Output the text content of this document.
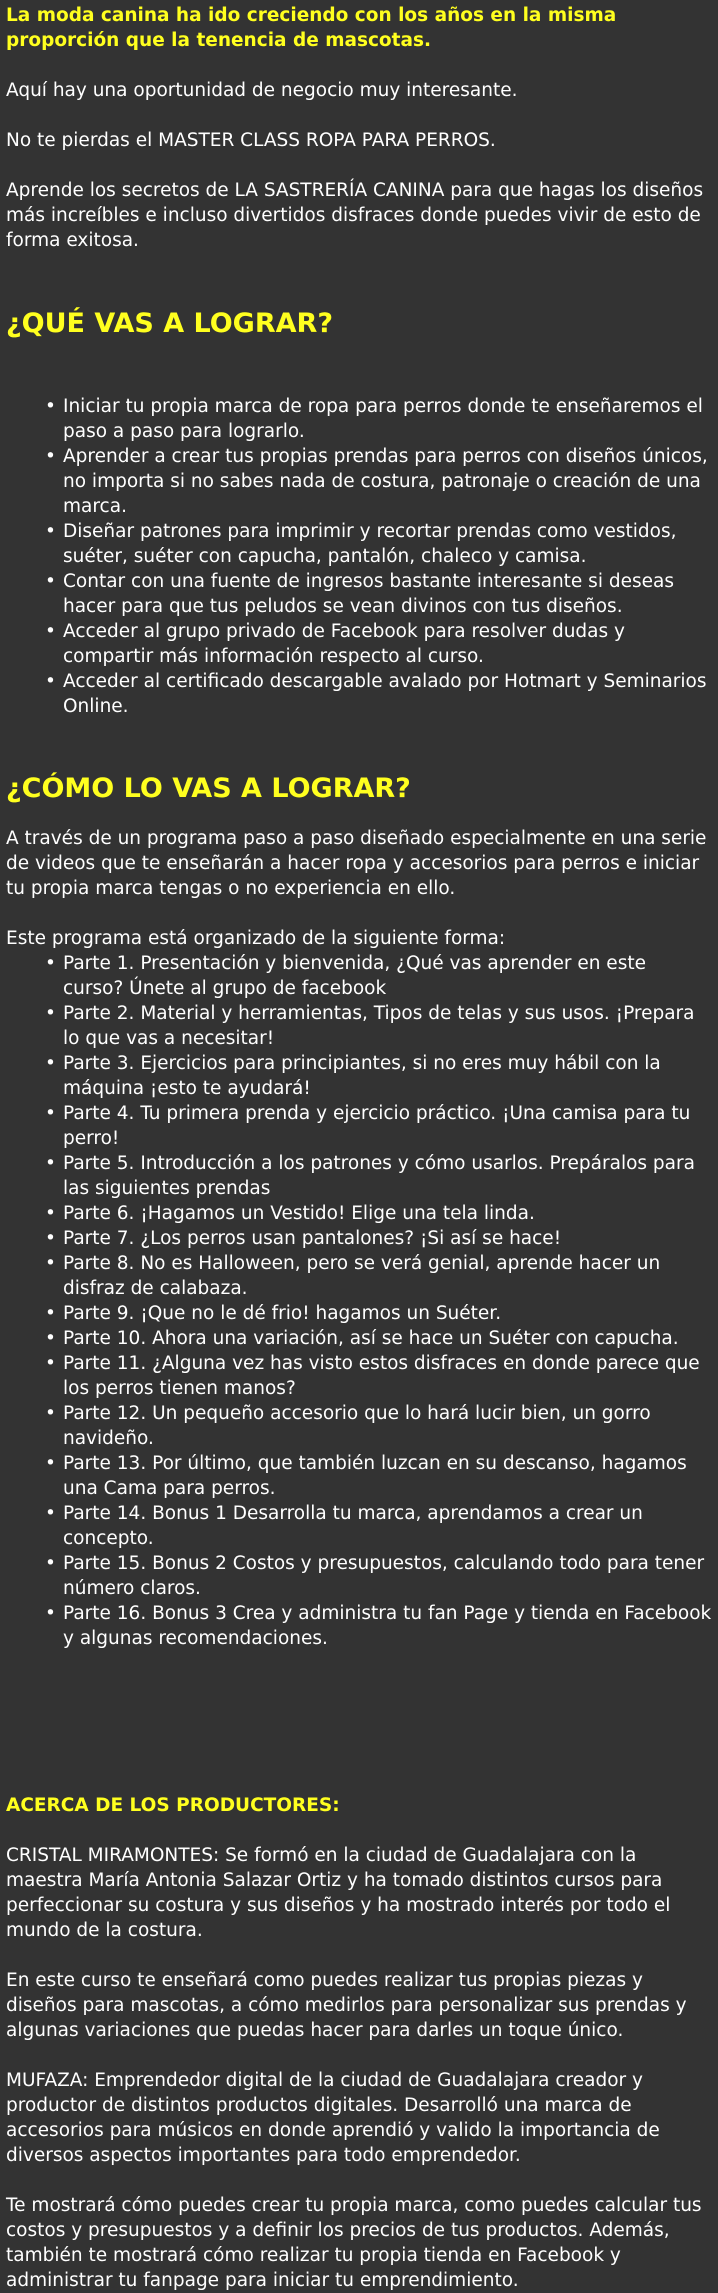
La moda canina ha ido creciendo con los años en la misma proporción que la tenencia de mascotas.

Aquí hay una oportunidad de negocio muy interesante.

No te pierdas el MASTER CLASS ROPA PARA PERROS.

Aprende los secretos de LA SASTRERÍA CANINA para que hagas los diseños más increíbles e incluso divertidos disfraces donde puedes vivir de esto de forma exitosa.

¿QUÉ VAS A LOGRAR?
• Iniciar tu propia marca de ropa para perros donde te enseñaremos el paso a paso para lograrlo.
• Aprender a crear tus propias prendas para perros con diseños únicos, no importa si no sabes nada de costura, patronaje o creación de una marca.
• Diseñar patrones para imprimir y recortar prendas como vestidos, suéter, suéter con capucha, pantalón, chaleco y camisa.
• Contar con una fuente de ingresos bastante interesante si deseas hacer para que tus peludos se vean divinos con tus diseños.
• Acceder al grupo privado de Facebook para resolver dudas y compartir más información respecto al curso.
• Acceder al certificado descargable avalado por Hotmart y Seminarios Online.
¿CÓMO LO VAS A LOGRAR?

A través de un programa paso a paso diseñado especialmente en una serie de videos que te enseñarán a hacer ropa y accesorios para perros e iniciar tu propia marca tengas o no experiencia en ello.

Este programa está organizado de la siguiente forma:

• Parte 1. Presentación y bienvenida, ¿Qué vas aprender en este curso? Únete al grupo de facebook
• Parte 2. Material y herramientas, Tipos de telas y sus usos. ¡Prepara lo que vas a necesitar!
• Parte 3. Ejercicios para principiantes, si no eres muy hábil con la máquina ¡esto te ayudará!
• Parte 4. Tu primera prenda y ejercicio práctico. ¡Una camisa para tu perro!
• Parte 5. Introducción a los patrones y cómo usarlos. Prepáralos para las siguientes prendas
• Parte 6. ¡Hagamos un Vestido! Elige una tela linda.
• Parte 7. ¿Los perros usan pantalones? ¡Si así se hace!
• Parte 8. No es Halloween, pero se verá genial, aprende hacer un disfraz de calabaza.
• Parte 9. ¡Que no le dé frio! hagamos un Suéter.
• Parte 10. Ahora una variación, así se hace un Suéter con capucha.
• Parte 11. ¿Alguna vez has visto estos disfraces en donde parece que los perros tienen manos?
• Parte 12. Un pequeño accesorio que lo hará lucir bien, un gorro navideño.
• Parte 13. Por último, que también luzcan en su descanso, hagamos una Cama para perros.
• Parte 14. Bonus 1 Desarrolla tu marca, aprendamos a crear un concepto.
• Parte 15. Bonus 2 Costos y presupuestos, calculando todo para tener número claros.
• Parte 16. Bonus 3 Crea y administra tu fan Page y tienda en Facebook y algunas recomendaciones.

ACERCA DE LOS PRODUCTORES:

CRISTAL MIRAMONTES: Se formó en la ciudad de Guadalajara con la maestra María Antonia Salazar Ortiz y ha tomado distintos cursos para perfeccionar su costura y sus diseños y ha mostrado interés por todo el mundo de la costura.

En este curso te enseñará como puedes realizar tus propias piezas y diseños para mascotas, a cómo medirlos para personalizar sus prendas y algunas variaciones que puedas hacer para darles un toque único.

MUFAZA: Emprendedor digital de la ciudad de Guadalajara creador y productor de distintos productos digitales. Desarrolló una marca de accesorios para músicos en donde aprendió y valido la importancia de diversos aspectos importantes para todo emprendedor.

Te mostrará cómo puedes crear tu propia marca, como puedes calcular tus costos y presupuestos y a definir los precios de tus productos. Además, también te mostrará cómo realizar tu propia tienda en Facebook y administrar tu fanpage para iniciar tu emprendimiento.
